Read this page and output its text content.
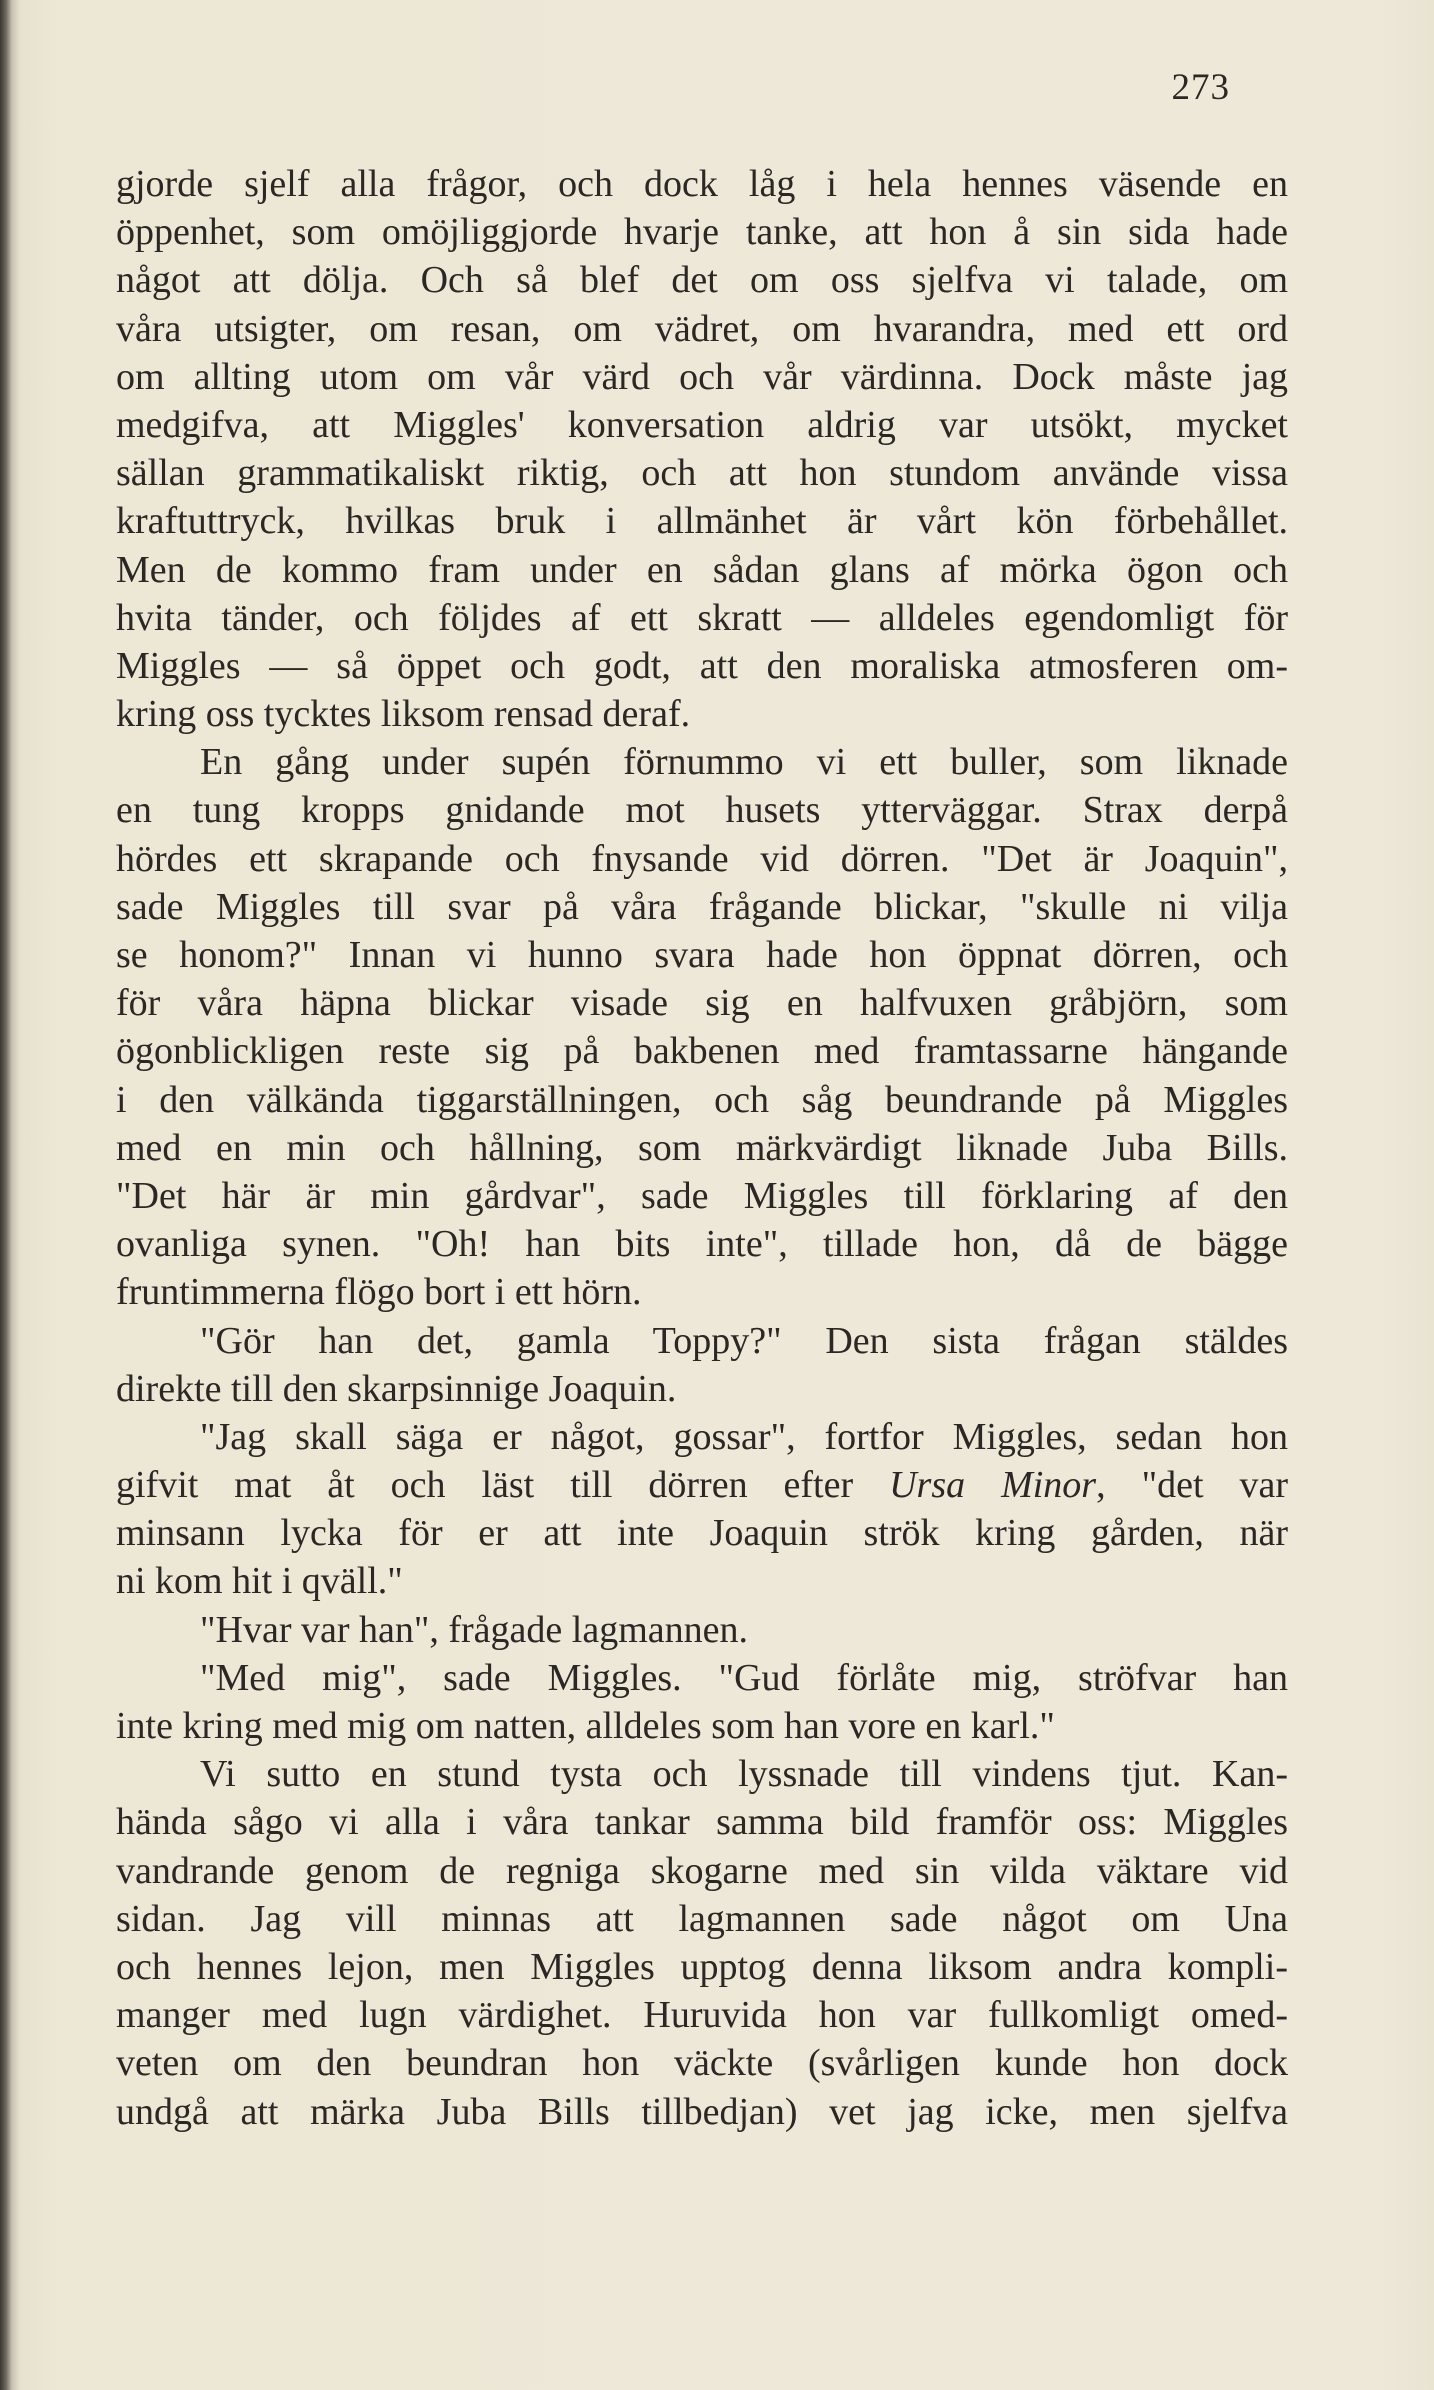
273
gjorde sjelf alla frågor, och dock låg i hela hennes väsende en
öppenhet, som omöjliggjorde hvarje tanke, att hon å sin sida hade
något att dölja. Och så blef det om oss sjelfva vi talade, om
våra utsigter, om resan, om vädret, om hvarandra, med ett ord
om allting utom om vår värd och vår värdinna. Dock måste jag
medgifva, att Miggles' konversation aldrig var utsökt, mycket
sällan grammatikaliskt riktig, och att hon stundom använde vissa
kraftuttryck, hvilkas bruk i allmänhet är vårt kön förbehållet.
Men de kommo fram under en sådan glans af mörka ögon och
hvita tänder, och följdes af ett skratt — alldeles egendomligt för
Miggles — så öppet och godt, att den moraliska atmosferen om-
kring oss tycktes liksom rensad deraf.
En gång under supén förnummo vi ett buller, som liknade
en tung kropps gnidande mot husets ytterväggar. Strax derpå
hördes ett skrapande och fnysande vid dörren. "Det är Joaquin",
sade Miggles till svar på våra frågande blickar, "skulle ni vilja
se honom?" Innan vi hunno svara hade hon öppnat dörren, och
för våra häpna blickar visade sig en halfvuxen gråbjörn, som
ögonblickligen reste sig på bakbenen med framtassarne hängande
i den välkända tiggarställningen, och såg beundrande på Miggles
med en min och hållning, som märkvärdigt liknade Juba Bills.
"Det här är min gårdvar", sade Miggles till förklaring af den
ovanliga synen. "Oh! han bits inte", tillade hon, då de bägge
fruntimmerna flögo bort i ett hörn.
"Gör han det, gamla Toppy?" Den sista frågan stäldes
direkte till den skarpsinnige Joaquin.
"Jag skall säga er något, gossar", fortfor Miggles, sedan hon
gifvit mat åt och läst till dörren efter Ursa Minor, "det var
minsann lycka för er att inte Joaquin strök kring gården, när
ni kom hit i qväll."
"Hvar var han", frågade lagmannen.
"Med mig", sade Miggles. "Gud förlåte mig, ströfvar han
inte kring med mig om natten, alldeles som han vore en karl."
Vi sutto en stund tysta och lyssnade till vindens tjut. Kan-
hända sågo vi alla i våra tankar samma bild framför oss: Miggles
vandrande genom de regniga skogarne med sin vilda väktare vid
sidan. Jag vill minnas att lagmannen sade något om Una
och hennes lejon, men Miggles upptog denna liksom andra kompli-
manger med lugn värdighet. Huruvida hon var fullkomligt omed-
veten om den beundran hon väckte (svårligen kunde hon dock
undgå att märka Juba Bills tillbedjan) vet jag icke, men sjelfva
